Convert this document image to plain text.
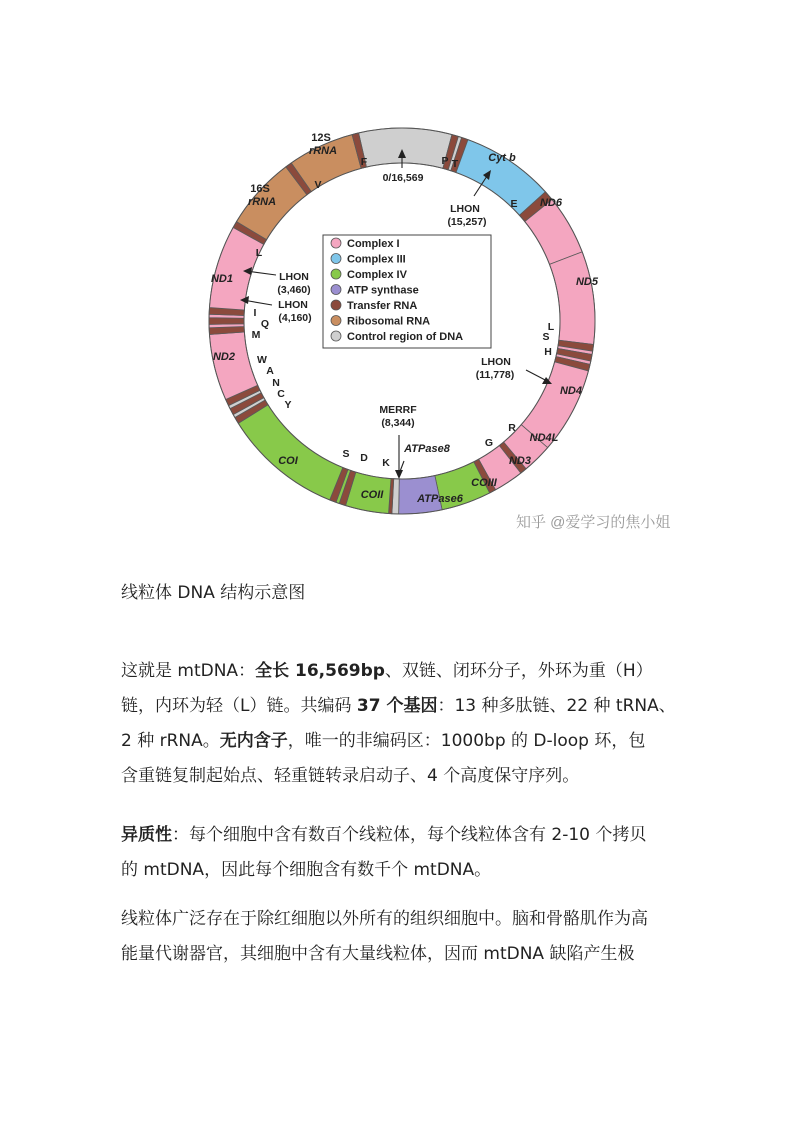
12S
rRNA
16S
rRNA
Cyt b
ND6
ND5
ND4
ND4L
ND3
COIII
ATPase6
COII
COI
ND2
ND1
ATPase8
F
V
L
I
Q
M
W
A
N
C
Y
S D K
G
R
H
S
L
E
P T
0/16,569
LHON
(15,257)
LHON
(3,460)
LHON
(4,160)
LHON
(11,778)
MERRF
(8,344)
Complex I
Complex III
Complex IV
ATP synthase
Transfer RNA
Ribosomal RNA
Control region of DNA
知乎 @爱学习的焦小姐
线粒体 DNA 结构示意图
这就是 mtDNA：全长 16,569bp、双链、闭环分子，外环为重（H）
链，内环为轻（L）链。共编码 37 个基因：13 种多肽链、22 种 tRNA、
2 种 rRNA。无内含子，唯一的非编码区：1000bp 的 D-loop 环，包
含重链复制起始点、轻重链转录启动子、4 个高度保守序列。
异质性：每个细胞中含有数百个线粒体，每个线粒体含有 2-10 个拷贝
的 mtDNA，因此每个细胞含有数千个 mtDNA。
线粒体广泛存在于除红细胞以外所有的组织细胞中。脑和骨骼肌作为高
能量代谢器官，其细胞中含有大量线粒体，因而 mtDNA 缺陷产生极
